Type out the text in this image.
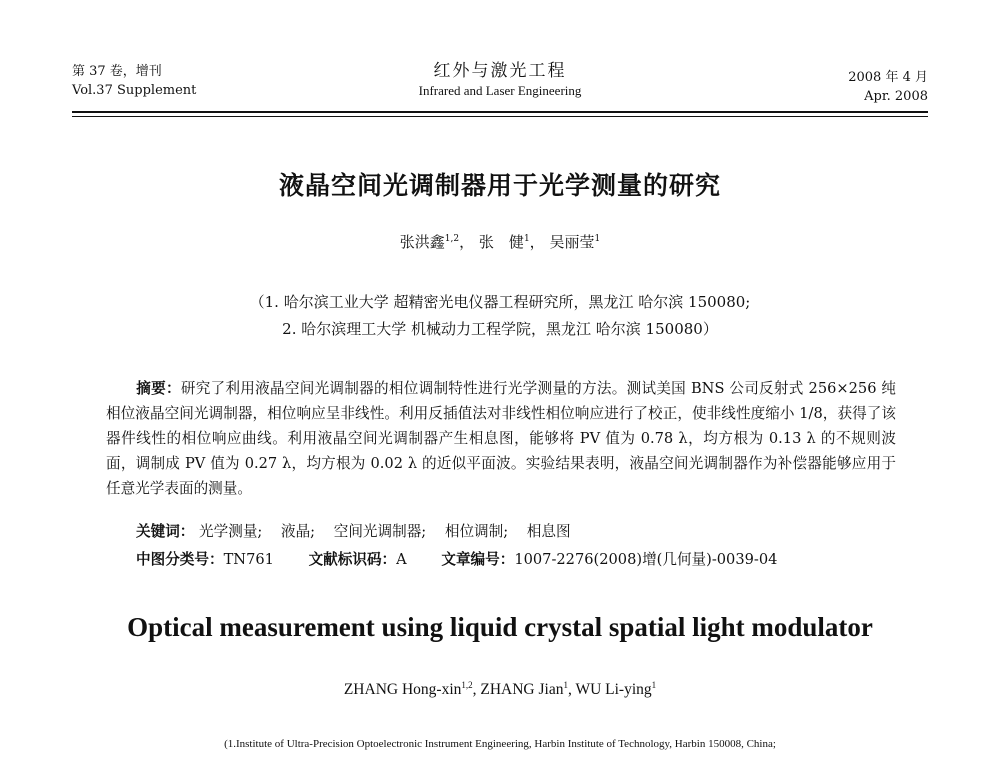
第 37 卷，增刊
Vol.37 Supplement
红外与激光工程
Infrared and Laser Engineering
2008 年 4 月
Apr. 2008
液晶空间光调制器用于光学测量的研究
张洪鑫$^{1,2}$， 张　健$^1$， 吴丽莹$^1$
（1. 哈尔滨工业大学 超精密光电仪器工程研究所，黑龙江 哈尔滨 150080;
2. 哈尔滨理工大学 机械动力工程学院，黑龙江 哈尔滨 150080）
摘要：研究了利用液晶空间光调制器的相位调制特性进行光学测量的方法。测试美国 BNS 公司反射式 256×256 纯相位液晶空间光调制器，相位响应呈非线性。利用反插值法对非线性相位响应进行了校正，使非线性度缩小 1/8，获得了该器件线性的相位响应曲线。利用液晶空间光调制器产生相息图，能够将 PV 值为 0.78 λ，均方根为 0.13 λ 的不规则波面，调制成 PV 值为 0.27 λ，均方根为 0.02 λ 的近似平面波。实验结果表明，液晶空间光调制器作为补偿器能够应用于任意光学表面的测量。
关键词： 光学测量; 液晶; 空间光调制器; 相位调制; 相息图
中图分类号：TN761 文献标识码：A 文章编号：1007-2276(2008)增(几何量)-0039-04
Optical measurement using liquid crystal spatial light modulator
ZHANG Hong-xin$^{1,2}$, ZHANG Jian$^1$, WU Li-ying$^1$
(1.Institute of Ultra-Precision Optoelectronic Instrument Engineering, Harbin Institute of Technology, Harbin 150008, China;
